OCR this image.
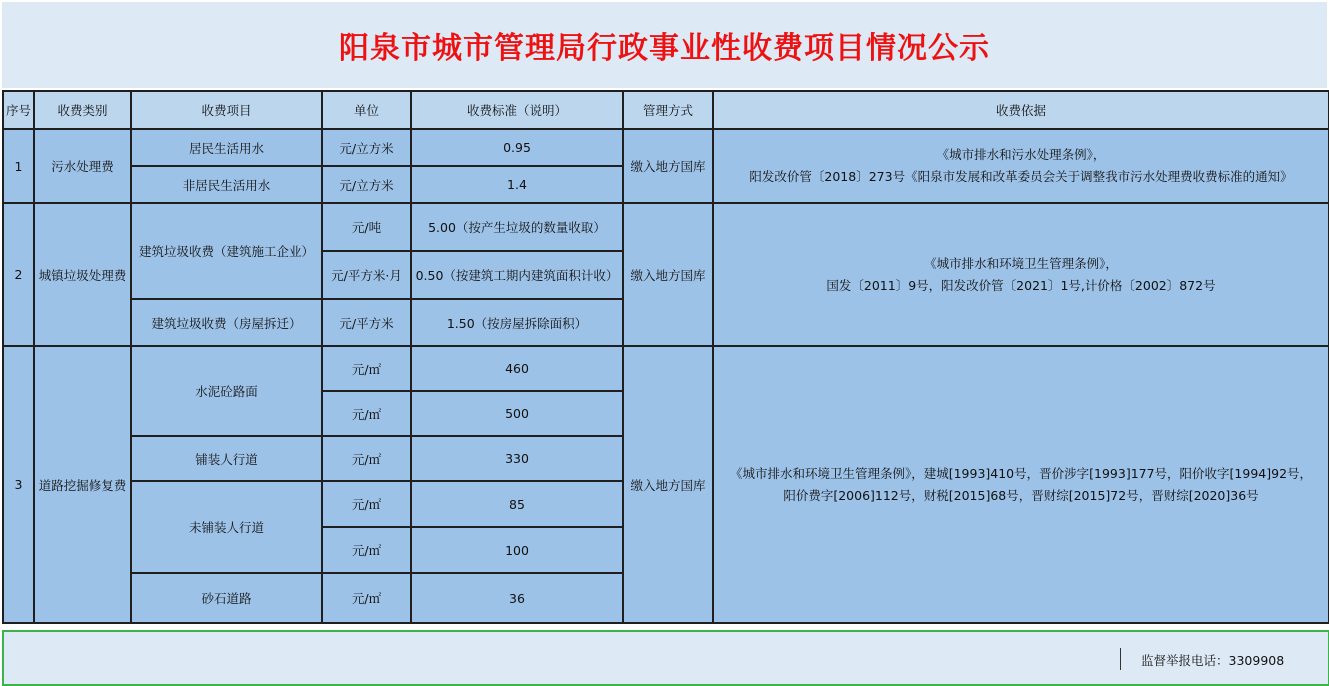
阳泉市城市管理局行政事业性收费项目情况公示
序号	收费类别	收费项目	单位	收费标准（说明）	管理方式	收费依据
1	污水处理费	居民生活用水	元/立方米	0.95	缴入地方国库	《城市排水和污水处理条例》，
阳发改价管〔2018〕273号《阳泉市发展和改革委员会关于调整我市污水处理费收费标准的通知》

		非居民生活用水	元/立方米	1.4		
2	城镇垃圾处理费	建筑垃圾收费（建筑施工企业）	元/吨	5.00（按产生垃圾的数量收取）	缴入地方国库	《城市排水和环境卫生管理条例》，
国发〔2011〕9号，阳发改价管〔2021〕1号,计价格〔2002〕872号

			元/平方米·月	0.50（按建筑工期内建筑面积计收）		
		建筑垃圾收费（房屋拆迁）	元/平方米	1.50（按房屋拆除面积）		
3	道路挖掘修复费	水泥砼路面	元/㎡	460	缴入地方国库	《城市排水和环境卫生管理条例》，建城[1993]410号，晋价涉字[1993]177号，阳价收字[1994]92号，
阳价费字[2006]112号，财税[2015]68号，晋财综[2015]72号，晋财综[2020]36号

			元/㎡	500		
		铺装人行道	元/㎡	330		
		未铺装人行道	元/㎡	85		
			元/㎡	100		
		砂石道路	元/㎡	36		
监督举报电话：3309908
